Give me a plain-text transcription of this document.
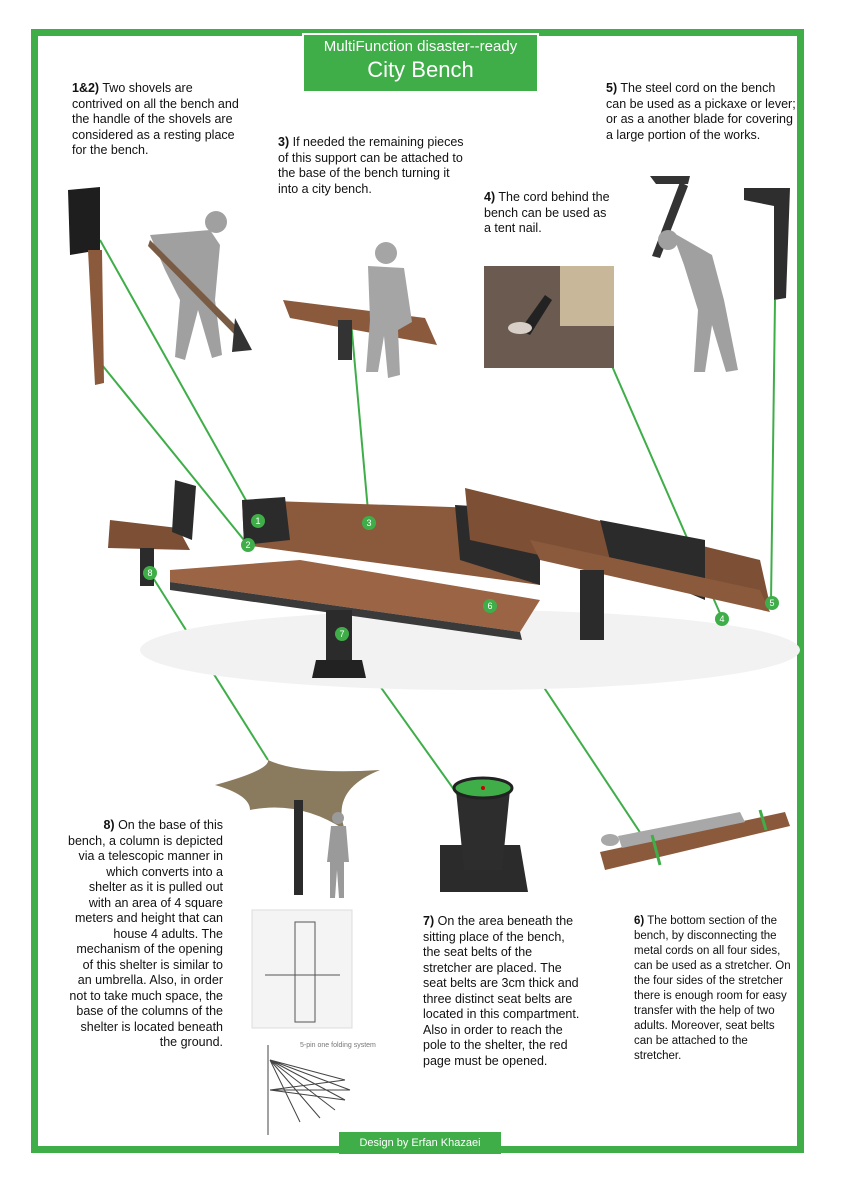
MultiFunction disaster--ready
City Bench
1
2
3
4
5
6
7
8
1&2) Two shovels are contrived on all the bench and the handle of the shovels are considered as a resting place for the bench.
3) If needed the remaining pieces of this support can be attached to the base of the bench turning it into a city bench.
4) The cord behind the bench can be used as a tent nail.
5) The steel cord on the bench can be used as a pickaxe or lever; or as a another blade for covering a large portion of the works.
8) On the base of this bench, a column is depicted via a telescopic manner in which converts into a shelter as it is pulled out with an area of 4 square meters and height that can house 4 adults. The mechanism of the opening of this shelter is similar to an umbrella. Also, in order not to take much space, the base of the columns of the shelter is located beneath the ground.
7) On the area beneath the sitting place of the bench, the seat belts of the stretcher are placed. The seat belts are 3cm thick and three distinct seat belts are located in this compartment. Also in order to reach the pole to the shelter, the red page must be opened.
6) The bottom section of the bench, by disconnecting the metal cords on all four sides, can be used as a stretcher. On the four sides of the stretcher there is enough room for easy transfer with the help of two adults. Moreover, seat belts can be attached to the stretcher.
5-pin one folding system
Design by Erfan Khazaei
